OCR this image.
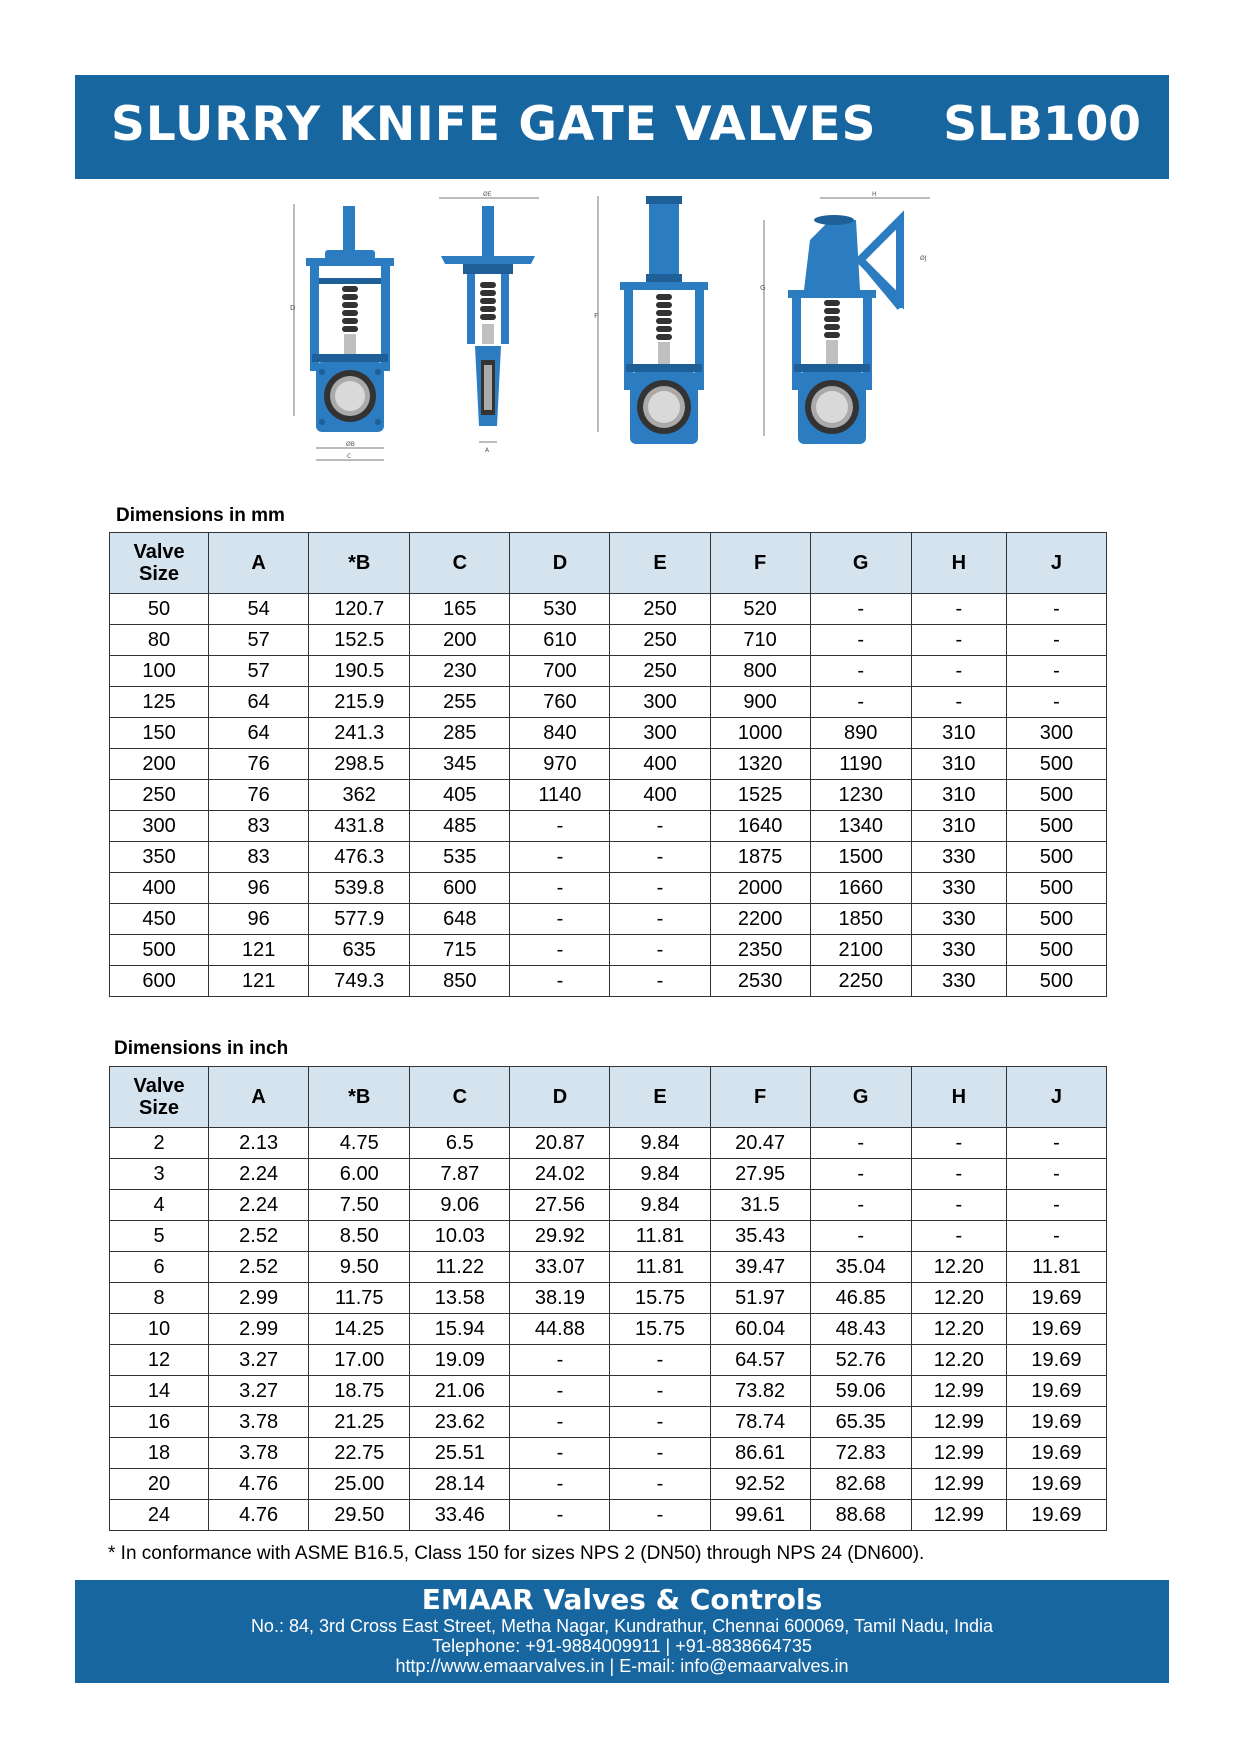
SLURRY KNIFE GATE VALVES SLB100
D
ØB
C
ØE
A
F
G
H
ØJ
Dimensions in mm
Valve Size	A	*B	C	D	E	F	G	H	J
50	54	120.7	165	530	250	520	-	-	-
80	57	152.5	200	610	250	710	-	-	-
100	57	190.5	230	700	250	800	-	-	-
125	64	215.9	255	760	300	900	-	-	-
150	64	241.3	285	840	300	1000	890	310	300
200	76	298.5	345	970	400	1320	1190	310	500
250	76	362	405	1140	400	1525	1230	310	500
300	83	431.8	485	-	-	1640	1340	310	500
350	83	476.3	535	-	-	1875	1500	330	500
400	96	539.8	600	-	-	2000	1660	330	500
450	96	577.9	648	-	-	2200	1850	330	500
500	121	635	715	-	-	2350	2100	330	500
600	121	749.3	850	-	-	2530	2250	330	500
Dimensions in inch
Valve Size	A	*B	C	D	E	F	G	H	J
2	2.13	4.75	6.5	20.87	9.84	20.47	-	-	-
3	2.24	6.00	7.87	24.02	9.84	27.95	-	-	-
4	2.24	7.50	9.06	27.56	9.84	31.5	-	-	-
5	2.52	8.50	10.03	29.92	11.81	35.43	-	-	-
6	2.52	9.50	11.22	33.07	11.81	39.47	35.04	12.20	11.81
8	2.99	11.75	13.58	38.19	15.75	51.97	46.85	12.20	19.69
10	2.99	14.25	15.94	44.88	15.75	60.04	48.43	12.20	19.69
12	3.27	17.00	19.09	-	-	64.57	52.76	12.20	19.69
14	3.27	18.75	21.06	-	-	73.82	59.06	12.99	19.69
16	3.78	21.25	23.62	-	-	78.74	65.35	12.99	19.69
18	3.78	22.75	25.51	-	-	86.61	72.83	12.99	19.69
20	4.76	25.00	28.14	-	-	92.52	82.68	12.99	19.69
24	4.76	29.50	33.46	-	-	99.61	88.68	12.99	19.69
* In conformance with ASME B16.5, Class 150 for sizes NPS 2 (DN50) through NPS 24 (DN600).
EMAAR Valves & Controls
No.: 84, 3rd Cross East Street, Metha Nagar, Kundrathur, Chennai 600069, Tamil Nadu, India
Telephone: +91-9884009911 | +91-8838664735
http://www.emaarvalves.in | E-mail: info@emaarvalves.in
